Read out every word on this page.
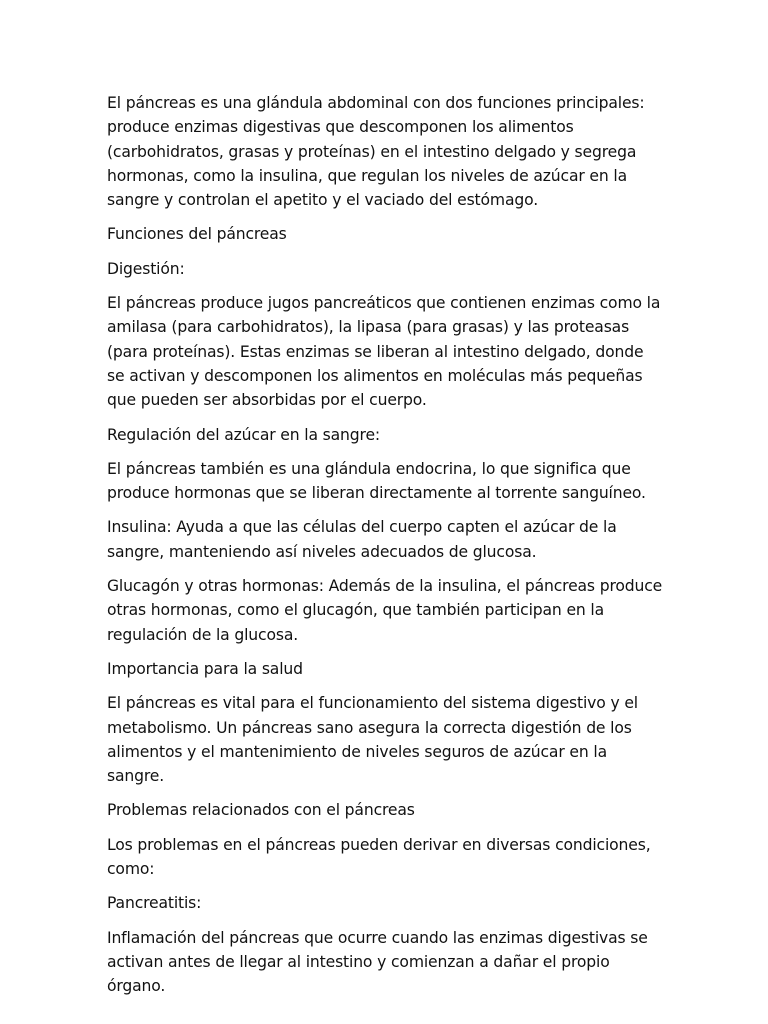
El páncreas es una glándula abdominal con dos funciones principales: produce enzimas digestivas que descomponen los alimentos (carbohidratos, grasas y proteínas) en el intestino delgado y segrega hormonas, como la insulina, que regulan los niveles de azúcar en la sangre y controlan el apetito y el vaciado del estómago.

Funciones del páncreas

Digestión:

El páncreas produce jugos pancreáticos que contienen enzimas como la amilasa (para carbohidratos), la lipasa (para grasas) y las proteasas (para proteínas). Estas enzimas se liberan al intestino delgado, donde se activan y descomponen los alimentos en moléculas más pequeñas que pueden ser absorbidas por el cuerpo.

Regulación del azúcar en la sangre:

El páncreas también es una glándula endocrina, lo que significa que produce hormonas que se liberan directamente al torrente sanguíneo.

Insulina: Ayuda a que las células del cuerpo capten el azúcar de la sangre, manteniendo así niveles adecuados de glucosa.

Glucagón y otras hormonas: Además de la insulina, el páncreas produce otras hormonas, como el glucagón, que también participan en la regulación de la glucosa.

Importancia para la salud

El páncreas es vital para el funcionamiento del sistema digestivo y el metabolismo. Un páncreas sano asegura la correcta digestión de los alimentos y el mantenimiento de niveles seguros de azúcar en la sangre.

Problemas relacionados con el páncreas

Los problemas en el páncreas pueden derivar en diversas condiciones, como:

Pancreatitis:

Inflamación del páncreas que ocurre cuando las enzimas digestivas se activan antes de llegar al intestino y comienzan a dañar el propio órgano.
